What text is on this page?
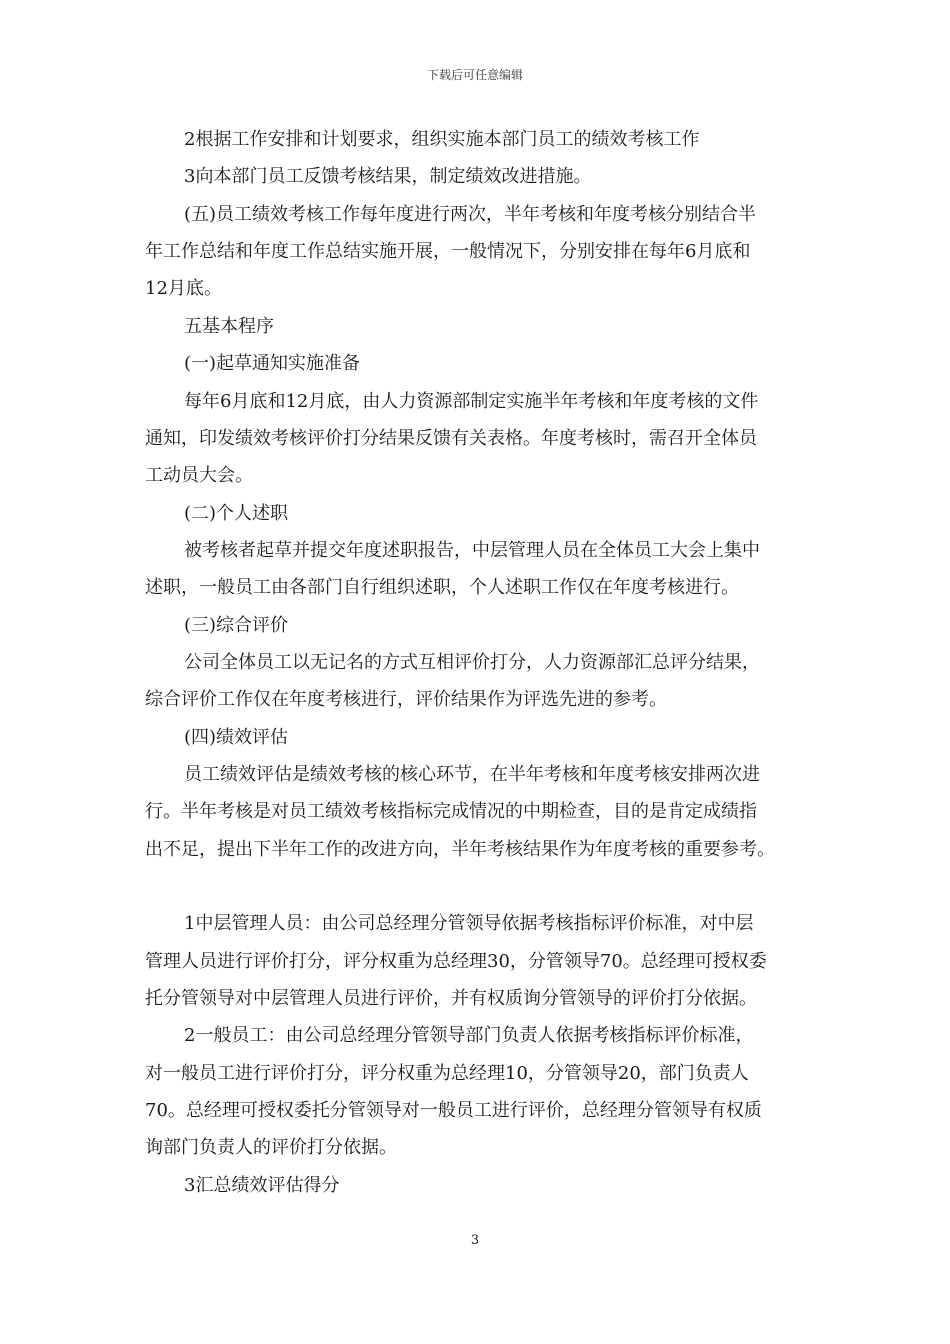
下载后可任意编辑
2根据工作安排和计划要求，组织实施本部门员工的绩效考核工作
3向本部门员工反馈考核结果，制定绩效改进措施。
(五)员工绩效考核工作每年度进行两次，半年考核和年度考核分别结合半
年工作总结和年度工作总结实施开展，一般情况下，分别安排在每年6月底和
12月底。
五基本程序
(一)起草通知实施准备
每年6月底和12月底，由人力资源部制定实施半年考核和年度考核的文件
通知，印发绩效考核评价打分结果反馈有关表格。年度考核时，需召开全体员
工动员大会。
(二)个人述职
被考核者起草并提交年度述职报告，中层管理人员在全体员工大会上集中
述职，一般员工由各部门自行组织述职，个人述职工作仅在年度考核进行。
(三)综合评价
公司全体员工以无记名的方式互相评价打分，人力资源部汇总评分结果，
综合评价工作仅在年度考核进行，评价结果作为评选先进的参考。
(四)绩效评估
员工绩效评估是绩效考核的核心环节，在半年考核和年度考核安排两次进
行。半年考核是对员工绩效考核指标完成情况的中期检查，目的是肯定成绩指
出不足，提出下半年工作的改进方向，半年考核结果作为年度考核的重要参考。
1中层管理人员：由公司总经理分管领导依据考核指标评价标准，对中层
管理人员进行评价打分，评分权重为总经理30，分管领导70。总经理可授权委
托分管领导对中层管理人员进行评价，并有权质询分管领导的评价打分依据。
2一般员工：由公司总经理分管领导部门负责人依据考核指标评价标准，
对一般员工进行评价打分，评分权重为总经理10，分管领导20，部门负责人
70。总经理可授权委托分管领导对一般员工进行评价，总经理分管领导有权质
询部门负责人的评价打分依据。
3汇总绩效评估得分
3
